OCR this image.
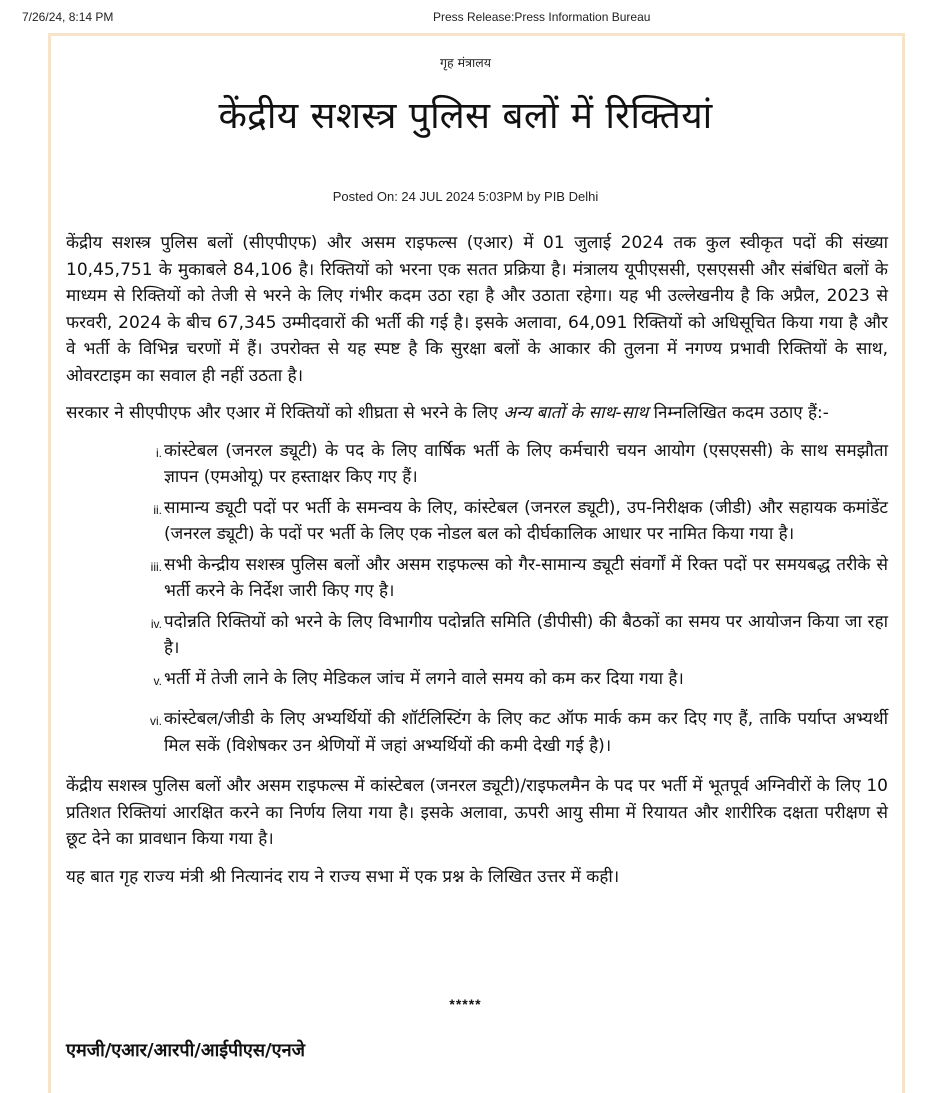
7/26/24, 8:14 PM	Press Release:Press Information Bureau
गृह मंत्रालय
केंद्रीय सशस्त्र पुलिस बलों में रिक्तियां
Posted On: 24 JUL 2024 5:03PM by PIB Delhi

केंद्रीय सशस्त्र पुलिस बलों (सीएपीएफ) और असम राइफल्स (एआर) में 01 जुलाई 2024 तक कुल स्वीकृत पदों की संख्या 10,45,751 के मुकाबले 84,106 है। रिक्तियों को भरना एक सतत प्रक्रिया है। मंत्रालय यूपीएससी, एसएससी और संबंधित बलों के माध्यम से रिक्तियों को तेजी से भरने के लिए गंभीर कदम उठा रहा है और उठाता रहेगा। यह भी उल्लेखनीय है कि अप्रैल, 2023 से फरवरी, 2024 के बीच 67,345 उम्मीदवारों की भर्ती की गई है। इसके अलावा, 64,091 रिक्तियों को अधिसूचित किया गया है और वे भर्ती के विभिन्न चरणों में हैं। उपरोक्त से यह स्पष्ट है कि सुरक्षा बलों के आकार की तुलना में नगण्य प्रभावी रिक्तियों के साथ, ओवरटाइम का सवाल ही नहीं उठता है।

सरकार ने सीएपीएफ और एआर में रिक्तियों को शीघ्रता से भरने के लिए अन्य बातों के साथ-साथ निम्नलिखित कदम उठाए हैं:-

i. कांस्टेबल (जनरल ड्यूटी) के पद के लिए वार्षिक भर्ती के लिए कर्मचारी चयन आयोग (एसएससी) के साथ समझौता ज्ञापन (एमओयू) पर हस्ताक्षर किए गए हैं।
ii. सामान्य ड्यूटी पदों पर भर्ती के समन्वय के लिए, कांस्टेबल (जनरल ड्यूटी), उप-निरीक्षक (जीडी) और सहायक कमांडेंट (जनरल ड्यूटी) के पदों पर भर्ती के लिए एक नोडल बल को दीर्घकालिक आधार पर नामित किया गया है।
iii. सभी केन्द्रीय सशस्त्र पुलिस बलों और असम राइफल्स को गैर-सामान्य ड्यूटी संवर्गों में रिक्त पदों पर समयबद्ध तरीके से भर्ती करने के निर्देश जारी किए गए है।
iv. पदोन्नति रिक्तियों को भरने के लिए विभागीय पदोन्नति समिति (डीपीसी) की बैठकों का समय पर आयोजन किया जा रहा है।
v. भर्ती में तेजी लाने के लिए मेडिकल जांच में लगने वाले समय को कम कर दिया गया है।
vi. कांस्टेबल/जीडी के लिए अभ्यर्थियों की शॉर्टलिस्टिंग के लिए कट ऑफ मार्क कम कर दिए गए हैं, ताकि पर्याप्त अभ्यर्थी मिल सकें (विशेषकर उन श्रेणियों में जहां अभ्यर्थियों की कमी देखी गई है)।

केंद्रीय सशस्त्र पुलिस बलों और असम राइफल्स में कांस्टेबल (जनरल ड्यूटी)/राइफलमैन के पद पर भर्ती में भूतपूर्व अग्निवीरों के लिए 10 प्रतिशत रिक्तियां आरक्षित करने का निर्णय लिया गया है। इसके अलावा, ऊपरी आयु सीमा में रियायत और शारीरिक दक्षता परीक्षण से छूट देने का प्रावधान किया गया है।

यह बात गृह राज्य मंत्री श्री नित्यानंद राय ने राज्य सभा में एक प्रश्न के लिखित उत्तर में कही।

*****
एमजी/एआर/आरपी/आईपीएस/एनजे
